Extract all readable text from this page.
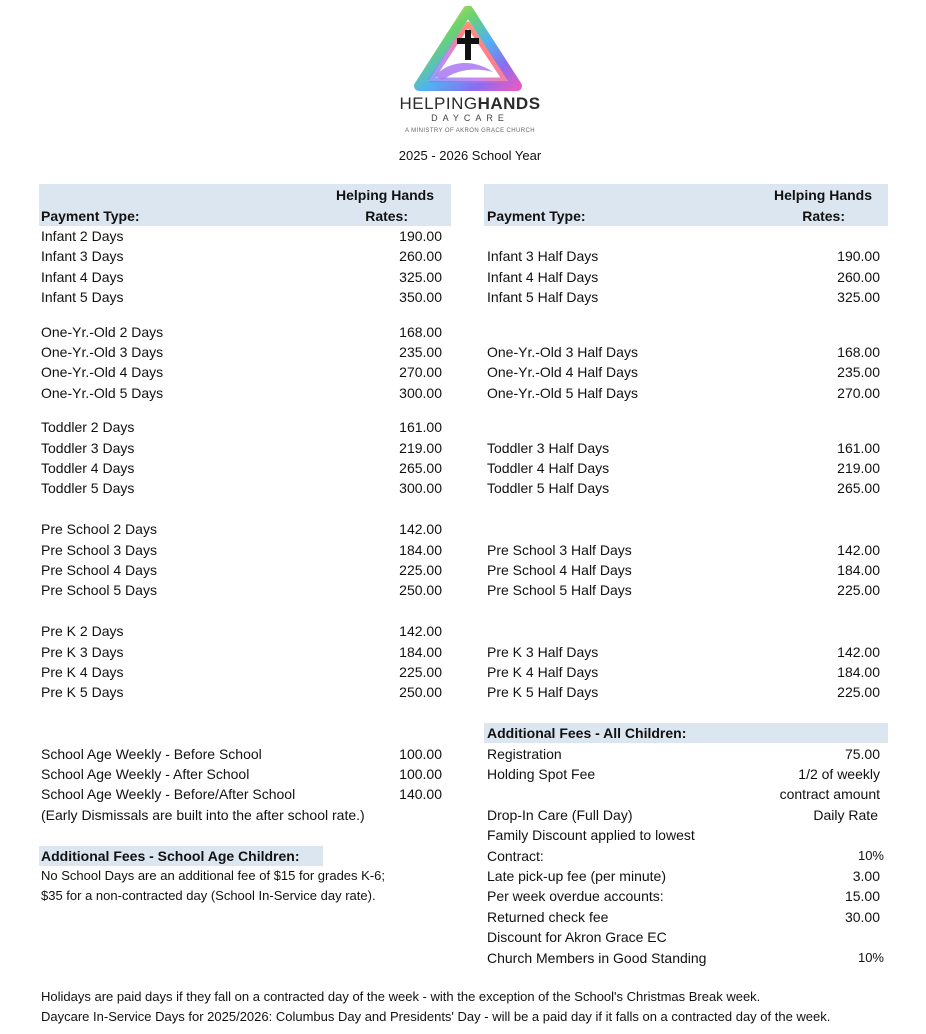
HELPINGHANDS
DAYCARE
A MINISTRY OF AKRON GRACE CHURCH
2025 - 2026 School Year
Payment Type:
Helping Hands
Rates:	Payment Type:
Helping Hands
Rates:
Infant 2 Days	190.00
Infant 3 Days	260.00
Infant 4 Days	325.00
Infant 5 Days	350.00
One-Yr.-Old 2 Days	168.00
One-Yr.-Old 3 Days	235.00
One-Yr.-Old 4 Days	270.00
One-Yr.-Old 5 Days	300.00
Toddler 2 Days	161.00
Toddler 3 Days	219.00
Toddler 4 Days	265.00
Toddler 5 Days	300.00
Pre School 2 Days	142.00
Pre School 3 Days	184.00
Pre School 4 Days	225.00
Pre School 5 Days	250.00
Pre K 2 Days	142.00
Pre K 3 Days	184.00
Pre K 4 Days	225.00
Pre K 5 Days	250.00
Infant 3 Half Days	190.00
Infant 4 Half Days	260.00
Infant 5 Half Days	325.00
One-Yr.-Old 3 Half Days	168.00
One-Yr.-Old 4 Half Days	235.00
One-Yr.-Old 5 Half Days	270.00
Toddler 3 Half Days	161.00
Toddler 4 Half Days	219.00
Toddler 5 Half Days	265.00
Pre School 3 Half Days	142.00
Pre School 4 Half Days	184.00
Pre School 5 Half Days	225.00
Pre K 3 Half Days	142.00
Pre K 4 Half Days	184.00
Pre K 5 Half Days	225.00
School Age Weekly - Before School	100.00
School Age Weekly - After School	100.00
School Age Weekly - Before/After School	140.00
(Early Dismissals are built into the after school rate.)
Additional Fees - School Age Children:
No School Days are an additional fee of $15 for grades K-6;
$35 for a non-contracted day (School In-Service day rate).
Additional Fees - All Children:
Registration	75.00
Holding Spot Fee	1/2 of weekly
contract amount
Drop-In Care (Full Day)	Daily Rate
Family Discount applied to lowest
Contract:	10%
Late pick-up fee (per minute)	3.00
Per week overdue accounts:	15.00
Returned check fee	30.00
Discount for Akron Grace EC
Church Members in Good Standing	10%
Holidays are paid days if they fall on a contracted day of the week - with the exception of the School's Christmas Break week.
Daycare In-Service Days for 2025/2026: Columbus Day and Presidents' Day - will be a paid day if it falls on a contracted day of the week.
